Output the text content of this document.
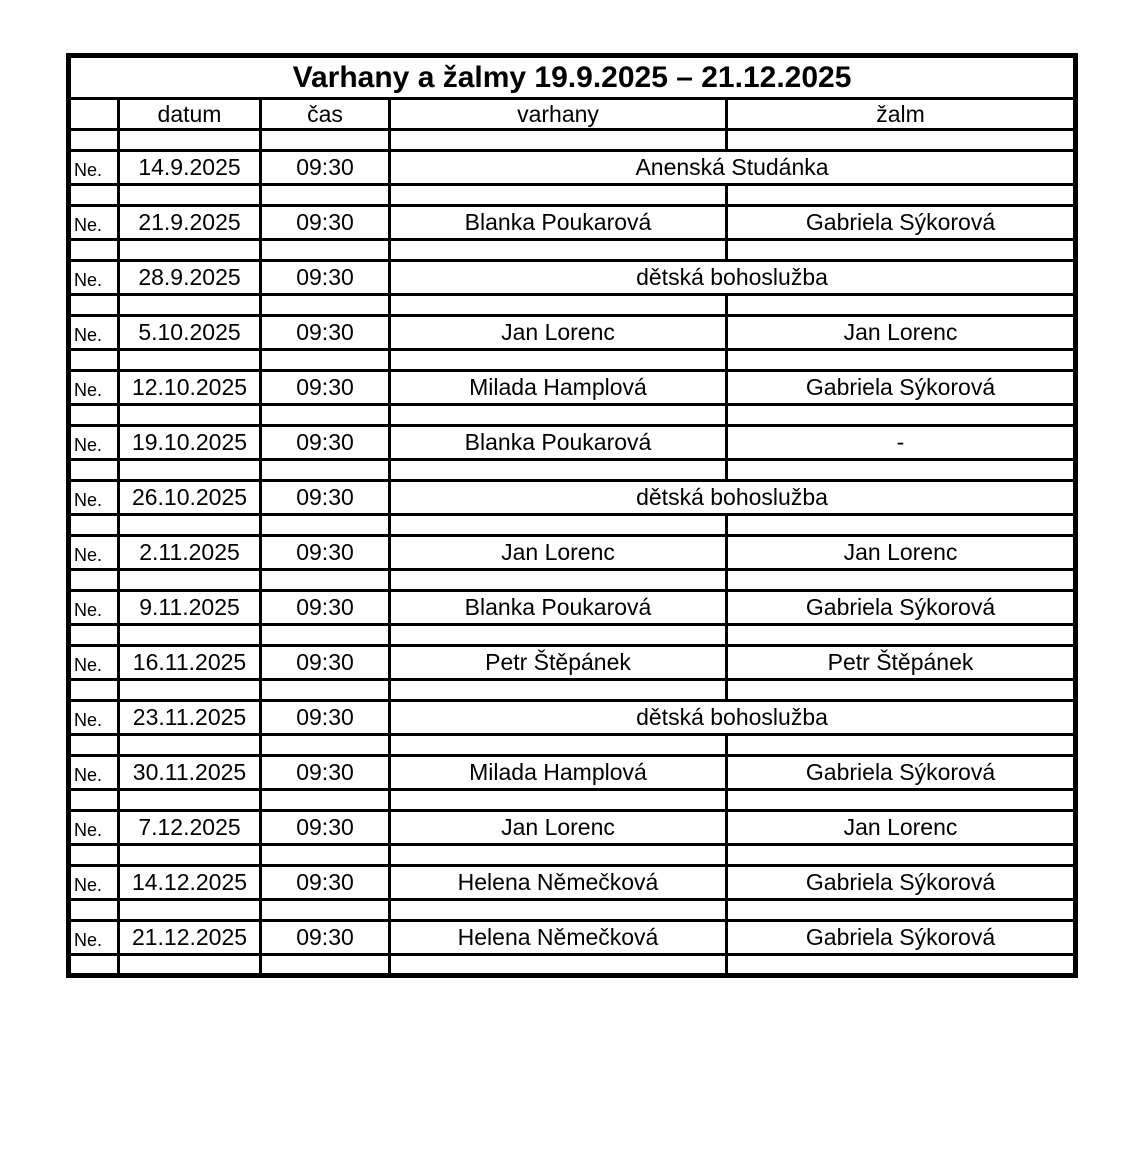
Varhany a žalmy 19.9.2025 – 21.12.2025				
	datum	čas	varhany	žalm

Ne.	14.9.2025	09:30	Anenská Studánka	

Ne.	21.9.2025	09:30	Blanka Poukarová	Gabriela Sýkorová

Ne.	28.9.2025	09:30	dětská bohoslužba	

Ne.	5.10.2025	09:30	Jan Lorenc	Jan Lorenc

Ne.	12.10.2025	09:30	Milada Hamplová	Gabriela Sýkorová

Ne.	19.10.2025	09:30	Blanka Poukarová	-

Ne.	26.10.2025	09:30	dětská bohoslužba	

Ne.	2.11.2025	09:30	Jan Lorenc	Jan Lorenc

Ne.	9.11.2025	09:30	Blanka Poukarová	Gabriela Sýkorová

Ne.	16.11.2025	09:30	Petr Štěpánek	Petr Štěpánek

Ne.	23.11.2025	09:30	dětská bohoslužba	

Ne.	30.11.2025	09:30	Milada Hamplová	Gabriela Sýkorová

Ne.	7.12.2025	09:30	Jan Lorenc	Jan Lorenc

Ne.	14.12.2025	09:30	Helena Němečková	Gabriela Sýkorová

Ne.	21.12.2025	09:30	Helena Němečková	Gabriela Sýkorová
